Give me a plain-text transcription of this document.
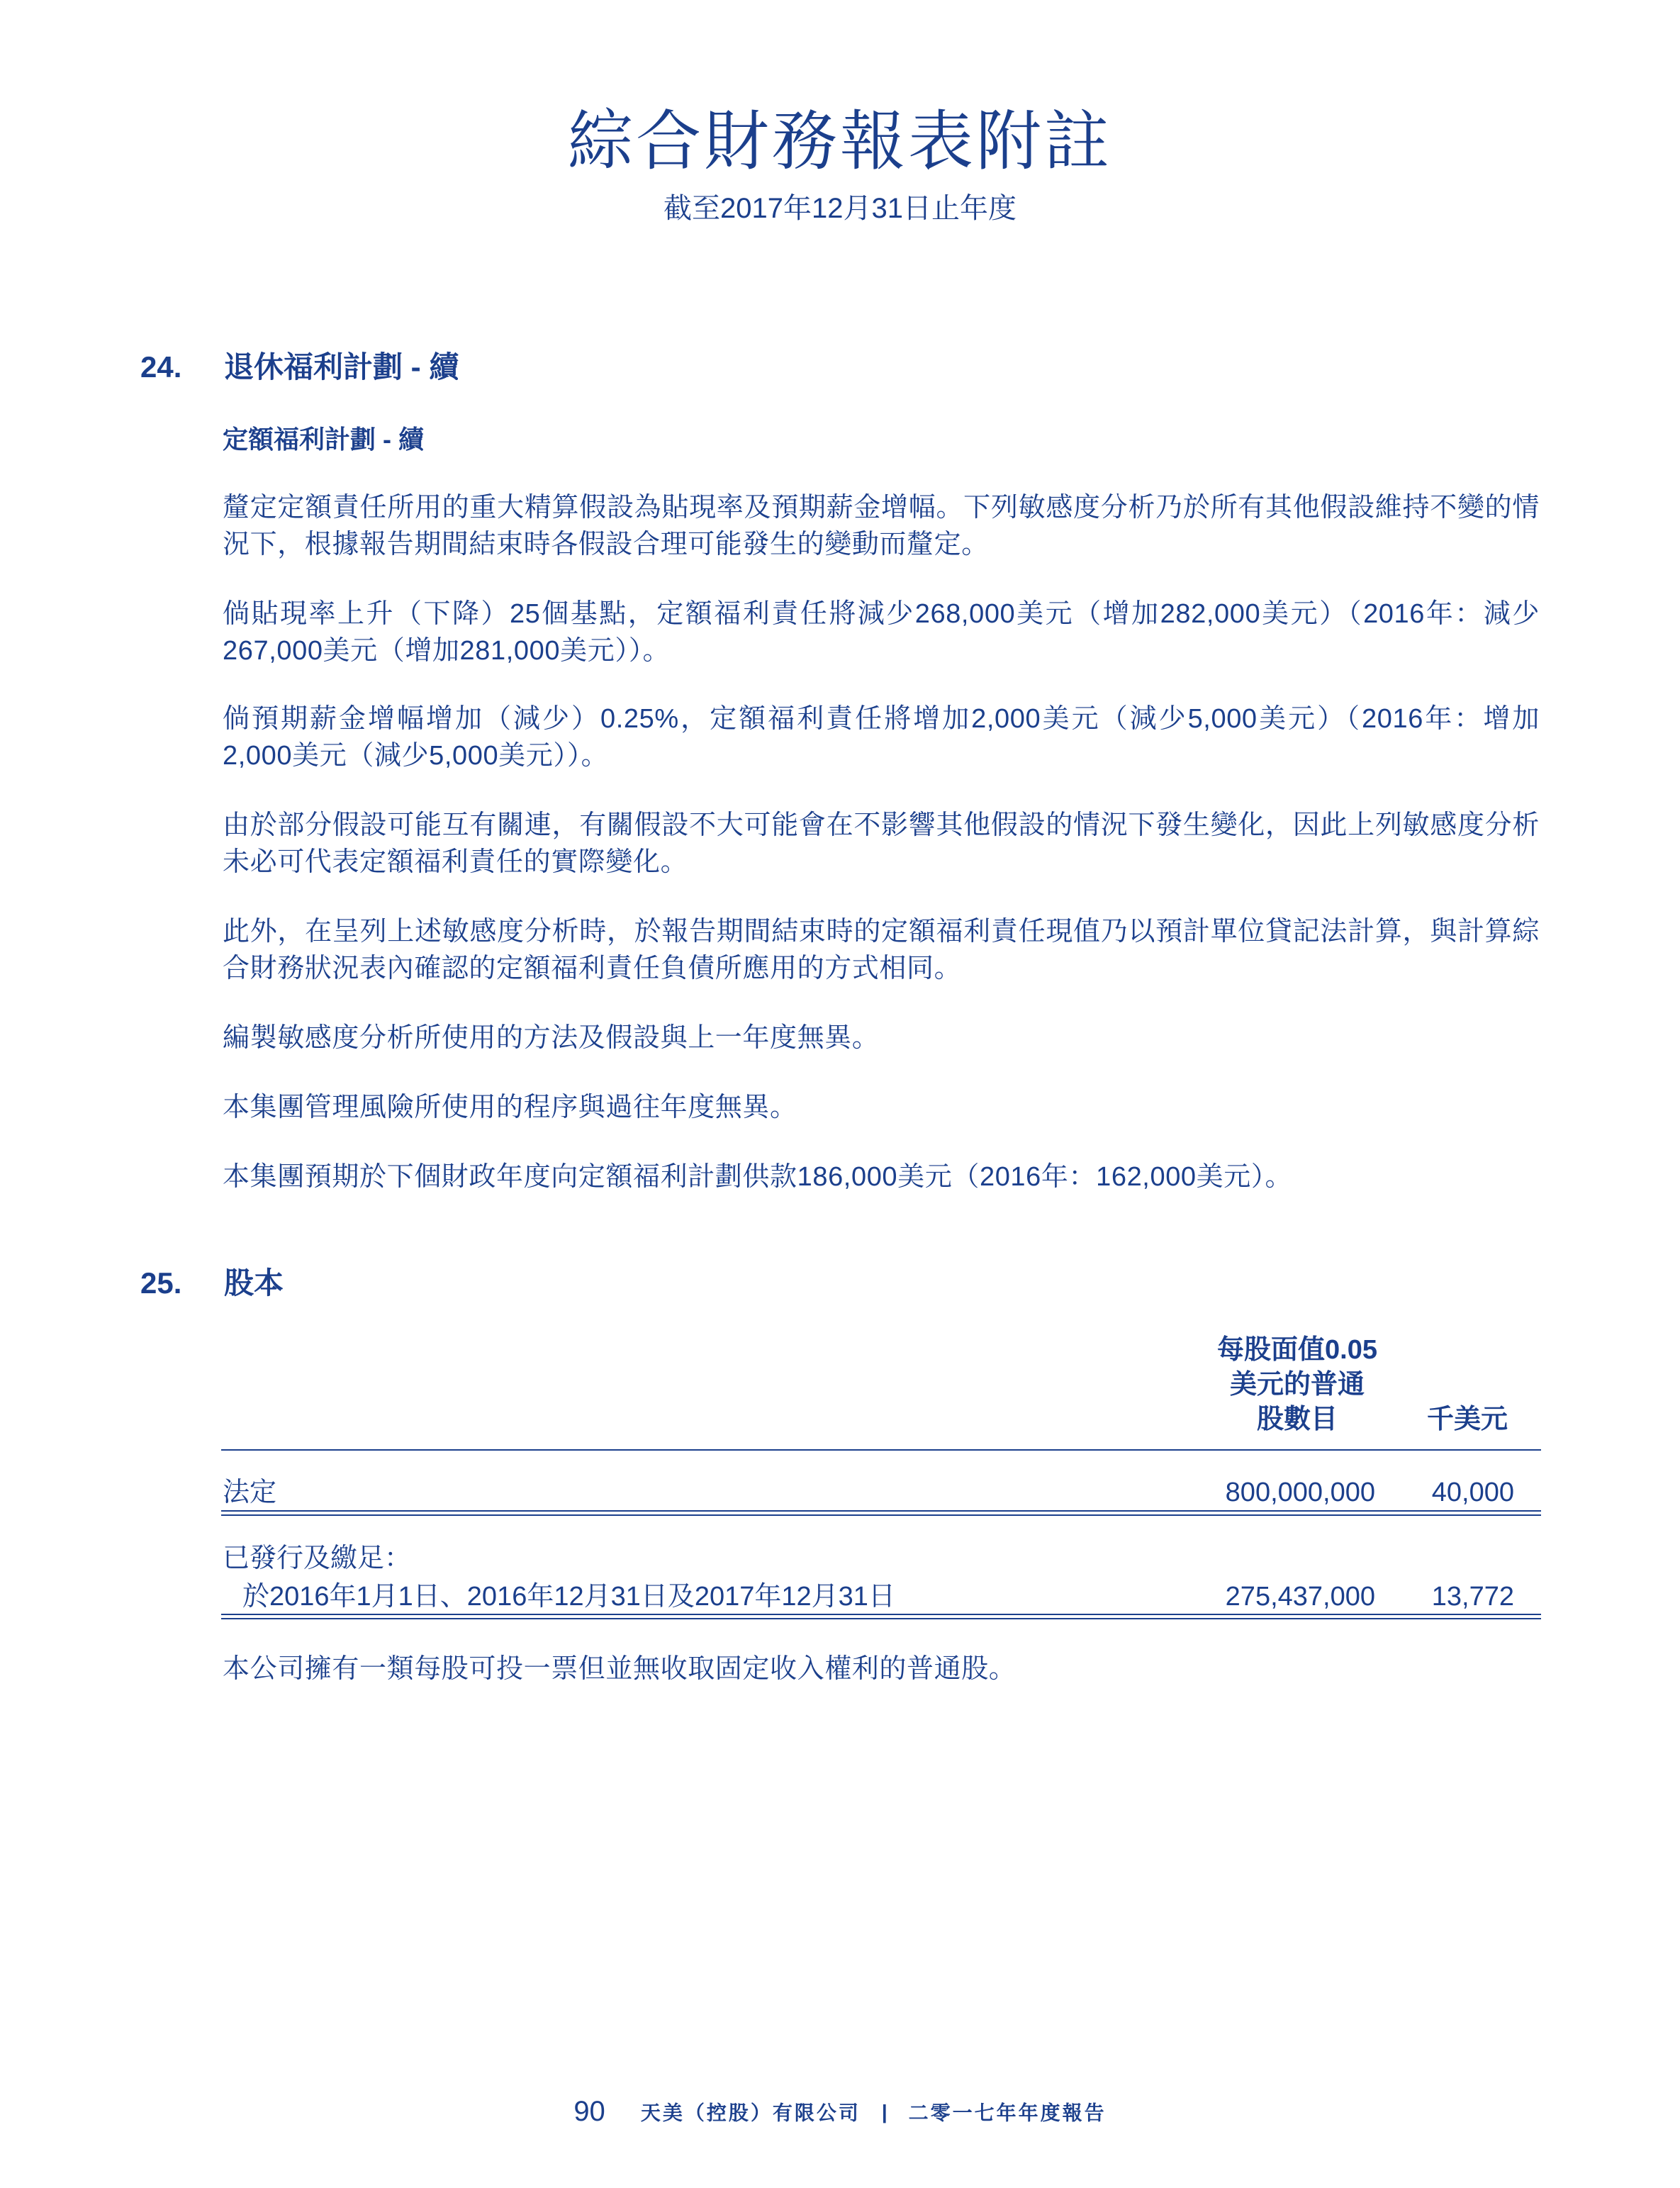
綜合財務報表附註
截至2017年12月31日止年度
24. 退休福利計劃 - 續
定額福利計劃 - 續

釐定定額責任所用的重大精算假設為貼現率及預期薪金增幅。下列敏感度分析乃於所有其他假設維持不變的情況下，根據報告期間結束時各假設合理可能發生的變動而釐定。

倘貼現率上升（下降）25個基點，定額福利責任將減少268,000美元（增加282,000美元）（2016年：減少267,000美元（增加281,000美元））。

倘預期薪金增幅增加（減少）0.25%，定額福利責任將增加2,000美元（減少5,000美元）（2016年：增加2,000美元（減少5,000美元））。

由於部分假設可能互有關連，有關假設不大可能會在不影響其他假設的情況下發生變化，因此上列敏感度分析未必可代表定額福利責任的實際變化。

此外，在呈列上述敏感度分析時，於報告期間結束時的定額福利責任現值乃以預計單位貸記法計算，與計算綜合財務狀況表內確認的定額福利責任負債所應用的方式相同。

編製敏感度分析所使用的方法及假設與上一年度無異。

本集團管理風險所使用的程序與過往年度無異。

本集團預期於下個財政年度向定額福利計劃供款186,000美元（2016年：162,000美元）。

25. 股本
每股面值0.05
美元的普通
股數目	千美元
法定	800,000,000	40,000
已發行及繳足：
於2016年1月1日、2016年12月31日及2017年12月31日	275,437,000	13,772

本公司擁有一類每股可投一票但並無收取固定收入權利的普通股。

90 天美（控股）有限公司 | 二零一七年年度報告
